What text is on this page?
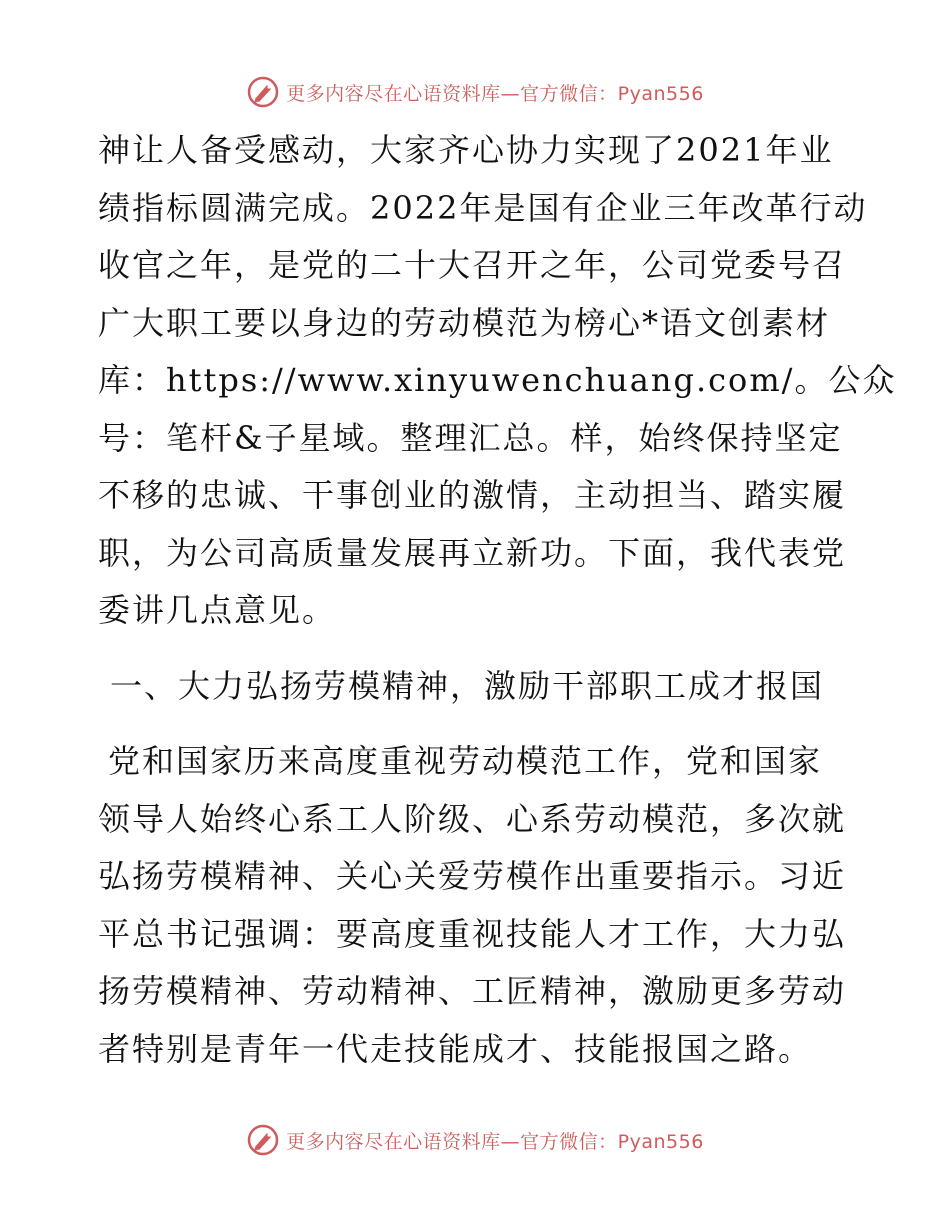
更多内容尽在心语资料库—官方微信：Pyan556
神让人备受感动，大家齐心协力实现了2021年业
绩指标圆满完成。2022年是国有企业三年改革行动
收官之年，是党的二十大召开之年，公司党委号召
广大职工要以身边的劳动模范为榜心*语文创素材
库：https://www.xinyuwenchuang.com/。公众
号：笔杆&子星域。整理汇总。样，始终保持坚定
不移的忠诚、干事创业的激情，主动担当、踏实履
职，为公司高质量发展再立新功。下面，我代表党
委讲几点意见。
一、大力弘扬劳模精神，激励干部职工成才报国
党和国家历来高度重视劳动模范工作，党和国家
领导人始终心系工人阶级、心系劳动模范，多次就
弘扬劳模精神、关心关爱劳模作出重要指示。习近
平总书记强调：要高度重视技能人才工作，大力弘
扬劳模精神、劳动精神、工匠精神，激励更多劳动
者特别是青年一代走技能成才、技能报国之路。
更多内容尽在心语资料库—官方微信：Pyan556
